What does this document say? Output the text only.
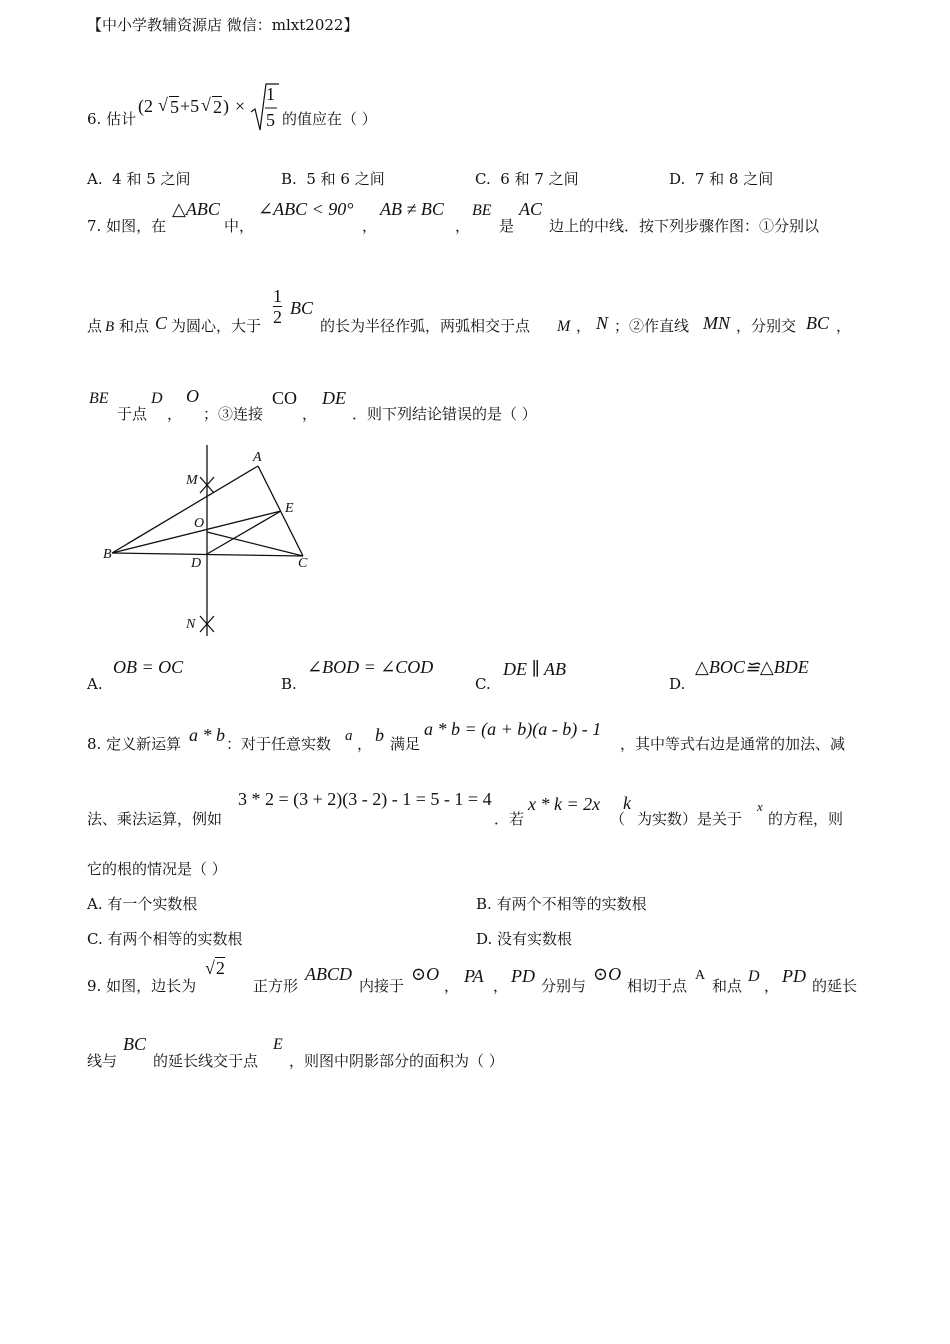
【中小学教辅资源店 微信：mlxt2022】
6. 估计
(2 √ 5 +5 √ 2 ) ×
1
5 的值应在（ ）
A. 4 和 5 之间	B. 5 和 6 之间	C. 6 和 7 之间	D. 7 和 8 之间
7. 如图，在
△ABC
中，
∠ABC < 90°
，
AB ≠ BC
，
BE
是
AC
边上的中线．按下列步骤作图：①分别以
点 B 和点 C 为圆心，大于 $\frac{1}{2}$ BC
的长为半径作弧，两弧相交于点 M ， N ；②作直线 MN ，分别交 BC ，
BE
于点
D
，
O
；③连接
CO
，
DE
．则下列结论错误的是（ ）
A
M
E
O
B
D	C
N
A.
OB = OC
B.
∠BOD = ∠COD
C.
DE ∥ AB
D.
△BOC≌△BDE
8. 定义新运算 a * b ：对于任意实数 a ， b 满足
a * b = (a + b)(a - b) - 1
，其中等式右边是通常的加法、减
法、乘法运算，例如
3 * 2 = (3 + 2)(3 - 2) - 1 = 5 - 1 = 4
．若
x * k = 2x
（
k
为实数）是关于
x
的方程，则
它的根的情况是（ ）
A. 有一个实数根	B. 有两个不相等的实数根
C. 有两个相等的实数根	D. 没有实数根
9. 如图，边长为
√2
正方形
ABCD
内接于
⊙O
， PA ， PD 分别与
⊙O
相切于点
A
和点
D
， PD 的延长
线与
BC
的延长线交于点
E
，则图中阴影部分的面积为（ ）
